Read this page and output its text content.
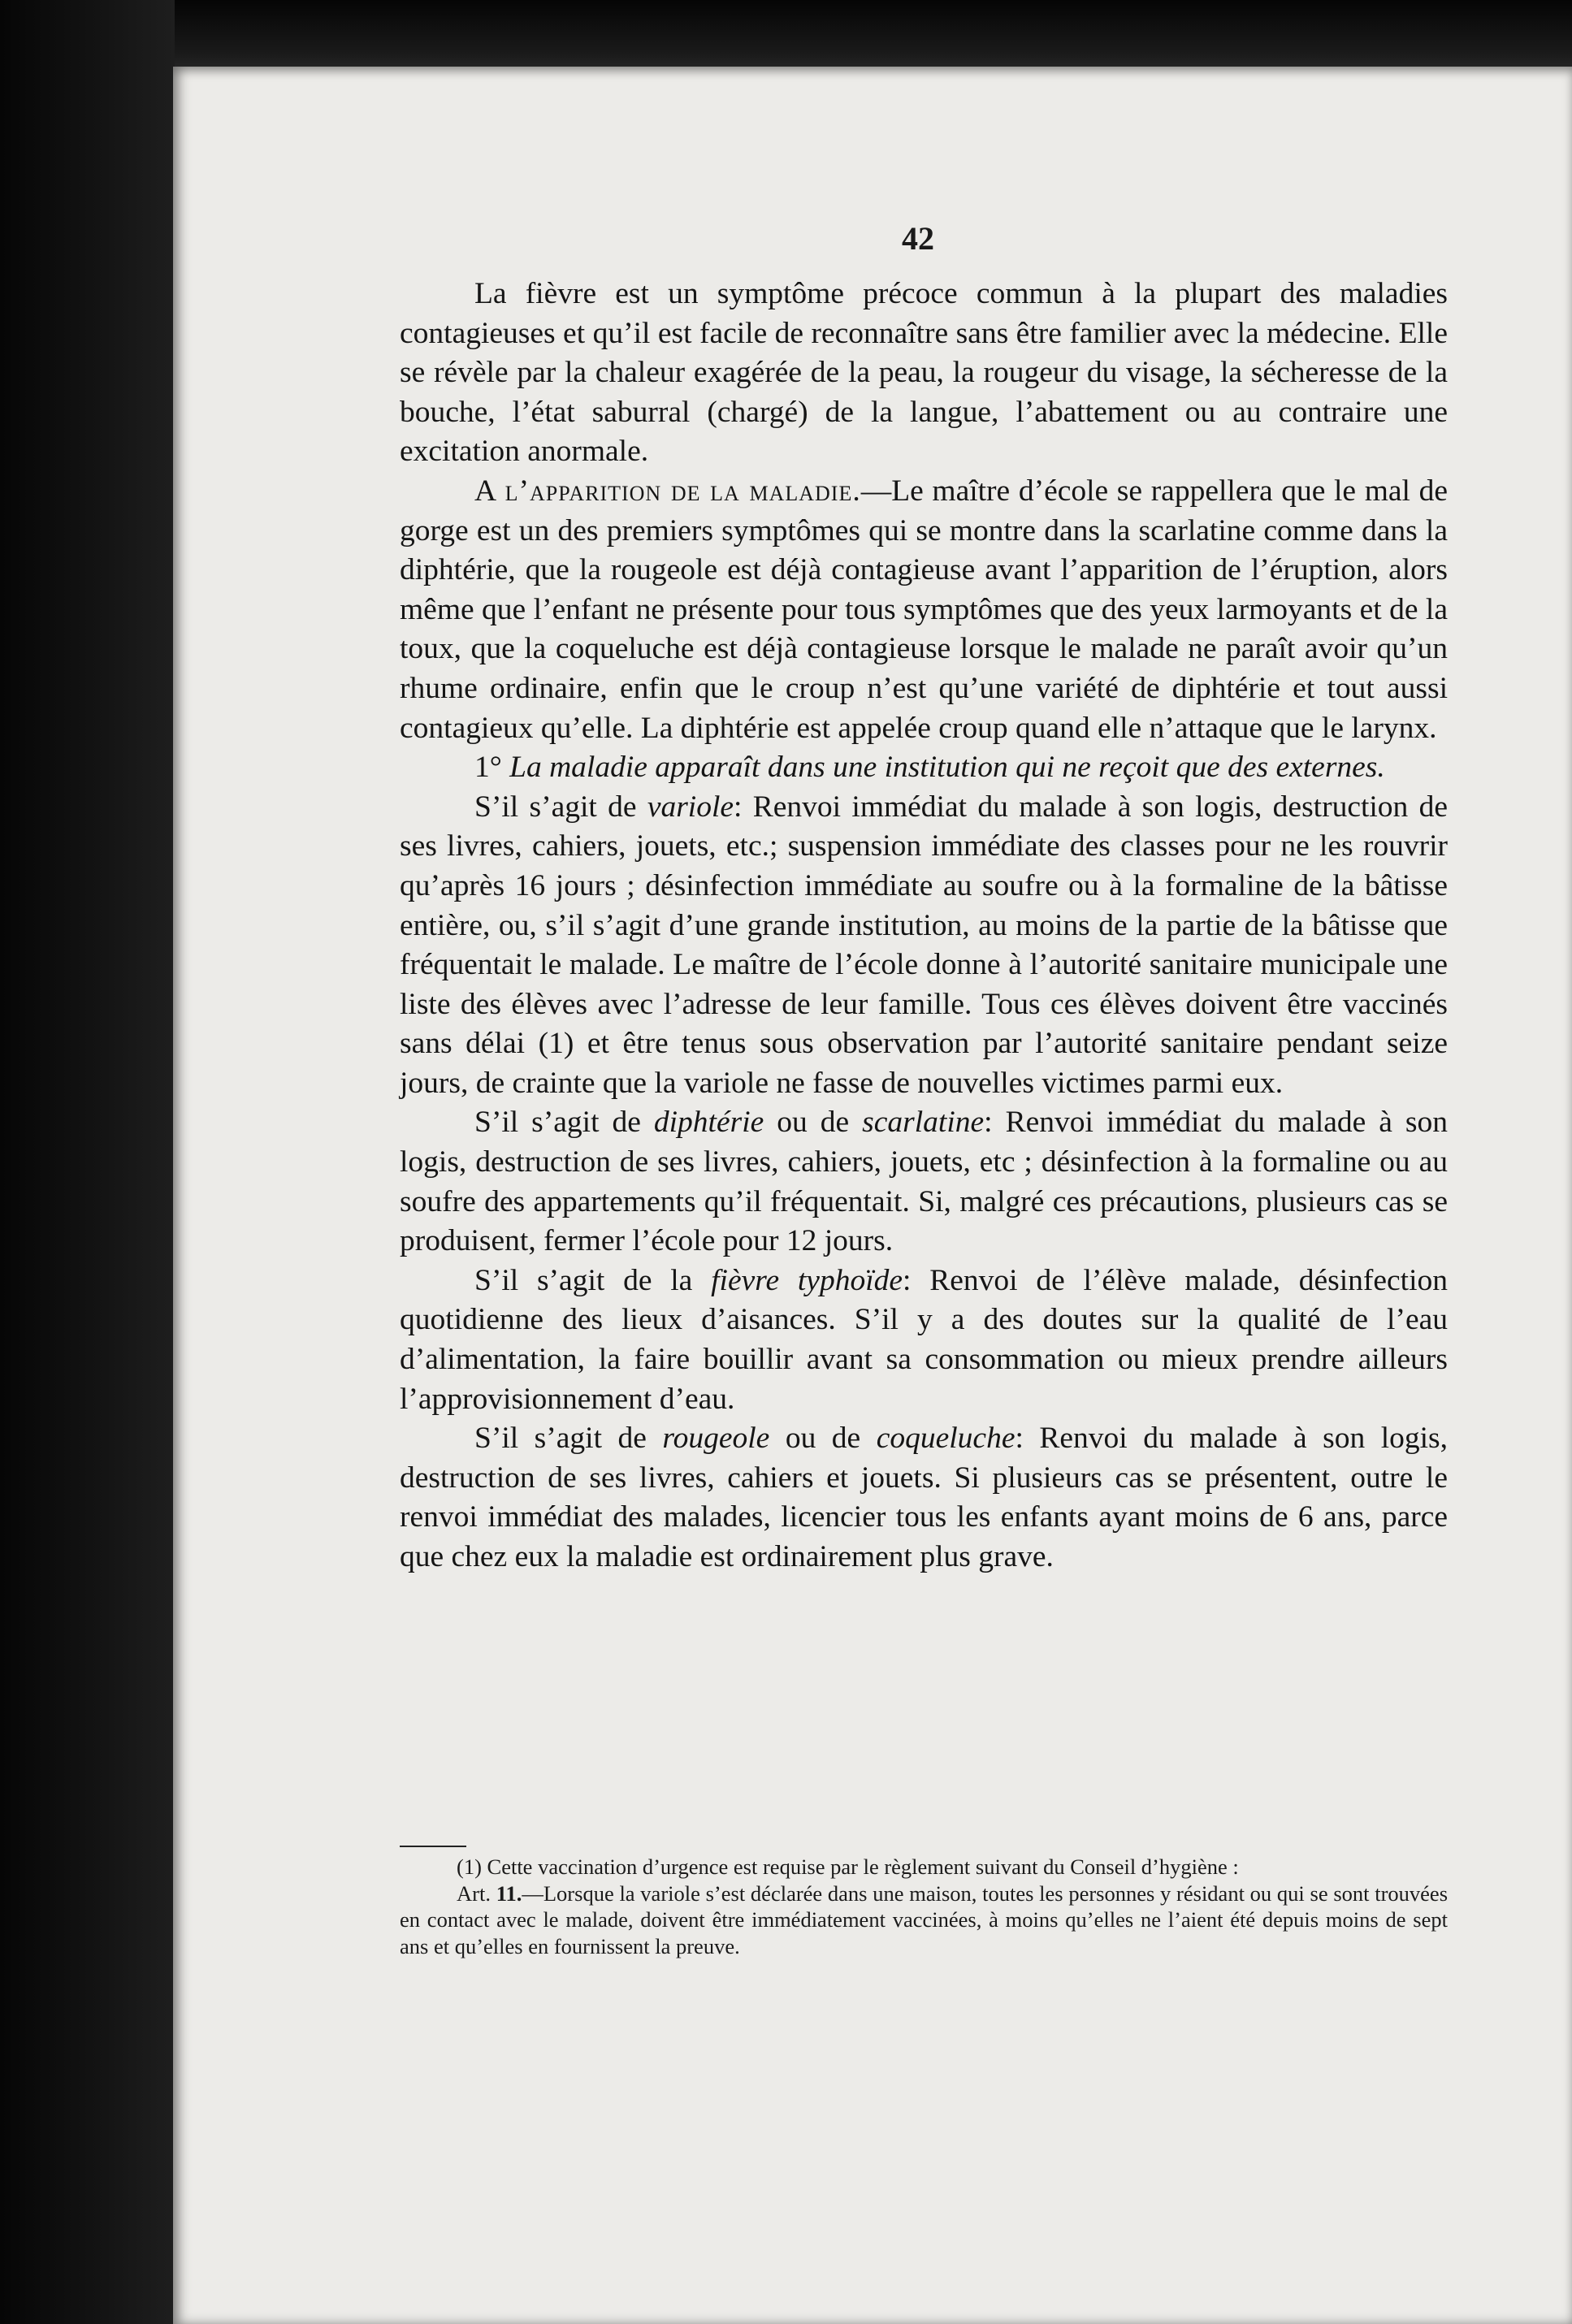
42

La fièvre est un symptôme précoce commun à la plupart des maladies contagieuses et qu’il est facile de reconnaître sans être familier avec la médecine. Elle se révèle par la chaleur exagérée de la peau, la rougeur du visage, la sécheresse de la bouche, l’état saburral (chargé) de la langue, l’abattement ou au contraire une excitation anormale.

A l’apparition de la maladie.—Le maître d’école se rappellera que le mal de gorge est un des premiers symptômes qui se montre dans la scarlatine comme dans la diphtérie, que la rougeole est déjà contagieuse avant l’apparition de l’éruption, alors même que l’enfant ne présente pour tous symptômes que des yeux larmoyants et de la toux, que la coqueluche est déjà contagieuse lorsque le malade ne paraît avoir qu’un rhume ordinaire, enfin que le croup n’est qu’une variété de diphtérie et tout aussi contagieux qu’elle. La diphtérie est appelée croup quand elle n’attaque que le larynx.

1° La maladie apparaît dans une institution qui ne reçoit que des externes.

S’il s’agit de variole: Renvoi immédiat du malade à son logis, destruction de ses livres, cahiers, jouets, etc.; suspension immédiate des classes pour ne les rouvrir qu’après 16 jours ; désinfection immédiate au soufre ou à la formaline de la bâtisse entière, ou, s’il s’agit d’une grande institution, au moins de la partie de la bâtisse que fréquentait le malade. Le maître de l’école donne à l’autorité sanitaire municipale une liste des élèves avec l’adresse de leur famille. Tous ces élèves doivent être vaccinés sans délai (1) et être tenus sous observation par l’autorité sanitaire pendant seize jours, de crainte que la variole ne fasse de nouvelles victimes parmi eux.

S’il s’agit de diphtérie ou de scarlatine: Renvoi immédiat du malade à son logis, destruction de ses livres, cahiers, jouets, etc ; désinfection à la formaline ou au soufre des appartements qu’il fréquentait. Si, malgré ces précautions, plusieurs cas se produisent, fermer l’école pour 12 jours.

S’il s’agit de la fièvre typhoïde: Renvoi de l’élève malade, désinfection quotidienne des lieux d’aisances. S’il y a des doutes sur la qualité de l’eau d’alimentation, la faire bouillir avant sa consommation ou mieux prendre ailleurs l’approvisionnement d’eau.

S’il s’agit de rougeole ou de coqueluche: Renvoi du malade à son logis, destruction de ses livres, cahiers et jouets. Si plusieurs cas se présentent, outre le renvoi immédiat des malades, licencier tous les enfants ayant moins de 6 ans, parce que chez eux la maladie est ordinairement plus grave.

(1) Cette vaccination d’urgence est requise par le règlement suivant du Conseil d’hygiène :

Art. 11.—Lorsque la variole s’est déclarée dans une maison, toutes les personnes y résidant ou qui se sont trouvées en contact avec le malade, doivent être immédiatement vaccinées, à moins qu’elles ne l’aient été depuis moins de sept ans et qu’elles en fournissent la preuve.
